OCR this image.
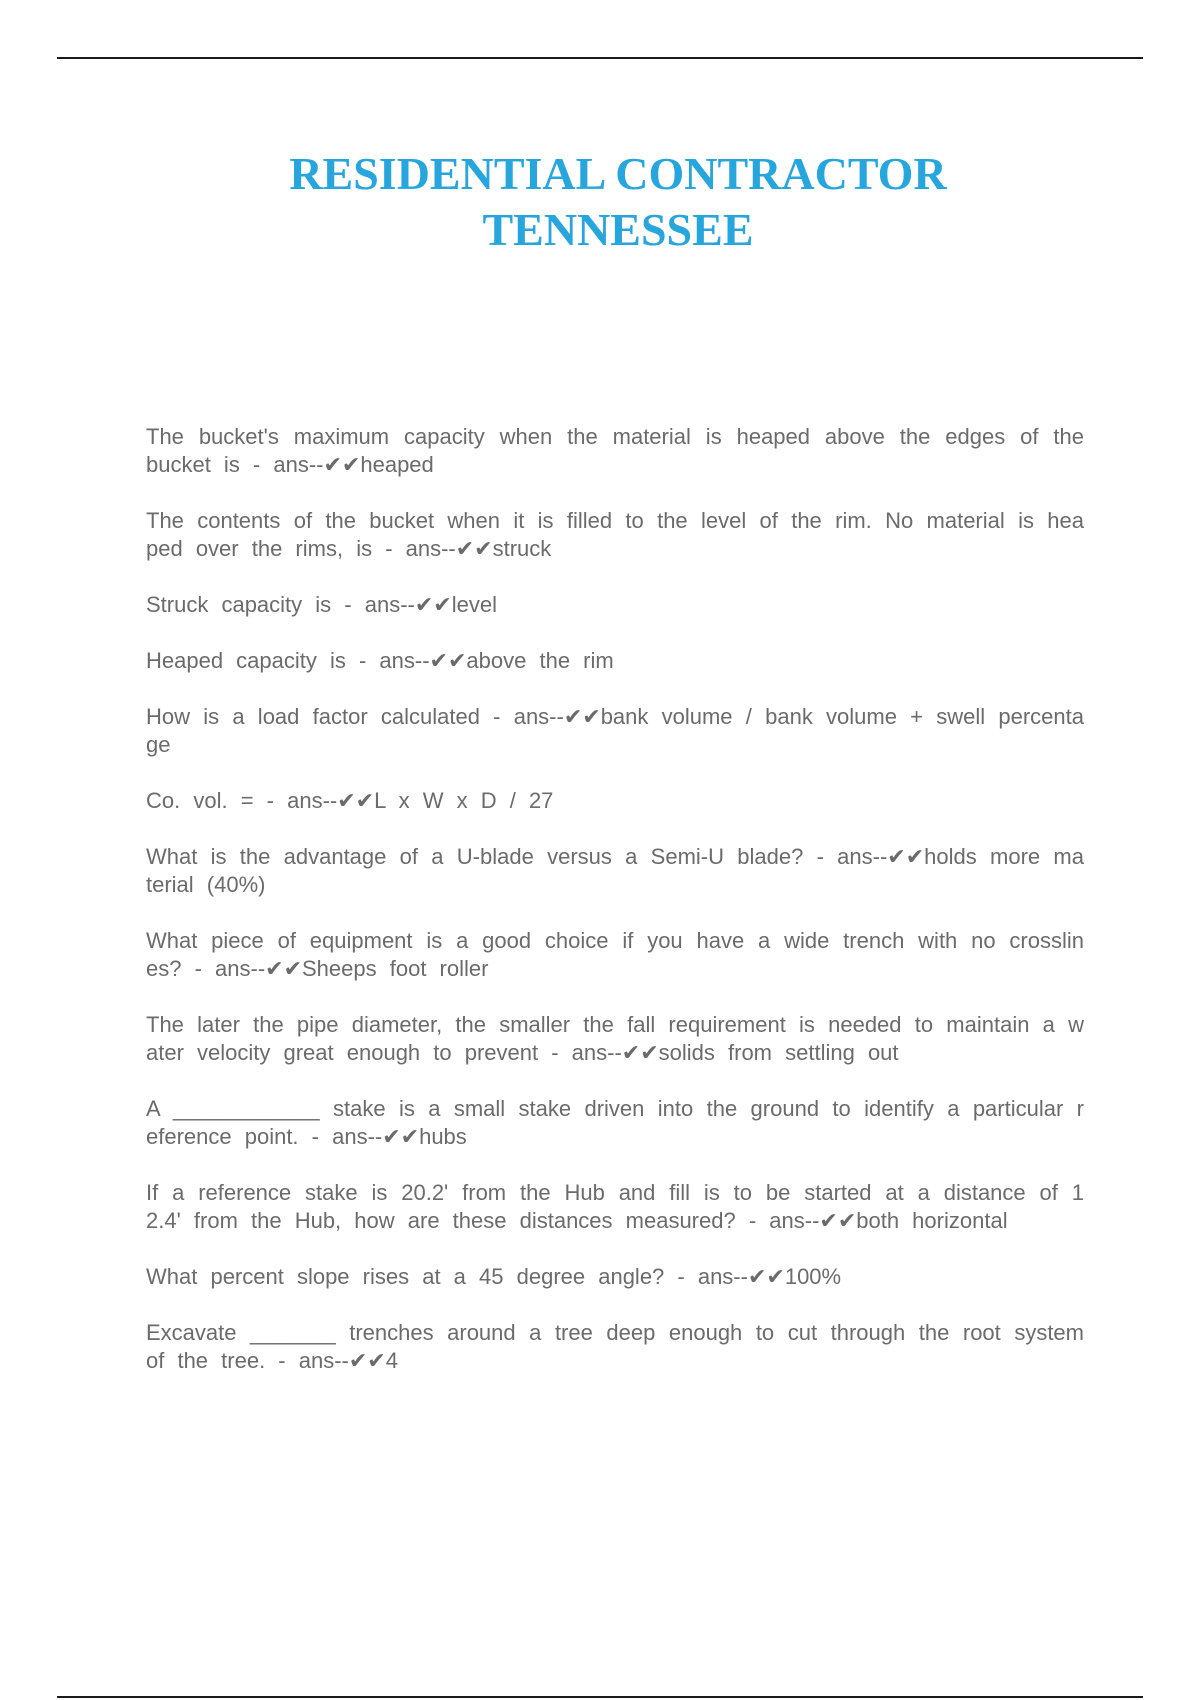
RESIDENTIAL CONTRACTOR
TENNESSEE

The bucket's maximum capacity when the material is heaped above the edges of the bucket is - ans--✔✔heaped

The contents of the bucket when it is filled to the level of the rim. No material is heaped over the rims, is - ans--✔✔struck

Struck capacity is - ans--✔✔level

Heaped capacity is - ans--✔✔above the rim

How is a load factor calculated - ans--✔✔bank volume / bank volume + swell percentage

Co. vol. = - ans--✔✔L x W x D / 27

What is the advantage of a U-blade versus a Semi-U blade? - ans--✔✔holds more material (40%)

What piece of equipment is a good choice if you have a wide trench with no crosslines? - ans--✔✔Sheeps foot roller

The later the pipe diameter, the smaller the fall requirement is needed to maintain a water velocity great enough to prevent - ans--✔✔solids from settling out

A ____________ stake is a small stake driven into the ground to identify a particular reference point. - ans--✔✔hubs

If a reference stake is 20.2' from the Hub and fill is to be started at a distance of 12.4' from the Hub, how are these distances measured? - ans--✔✔both horizontal

What percent slope rises at a 45 degree angle? - ans--✔✔100%

Excavate _______ trenches around a tree deep enough to cut through the root system of the tree. - ans--✔✔4
